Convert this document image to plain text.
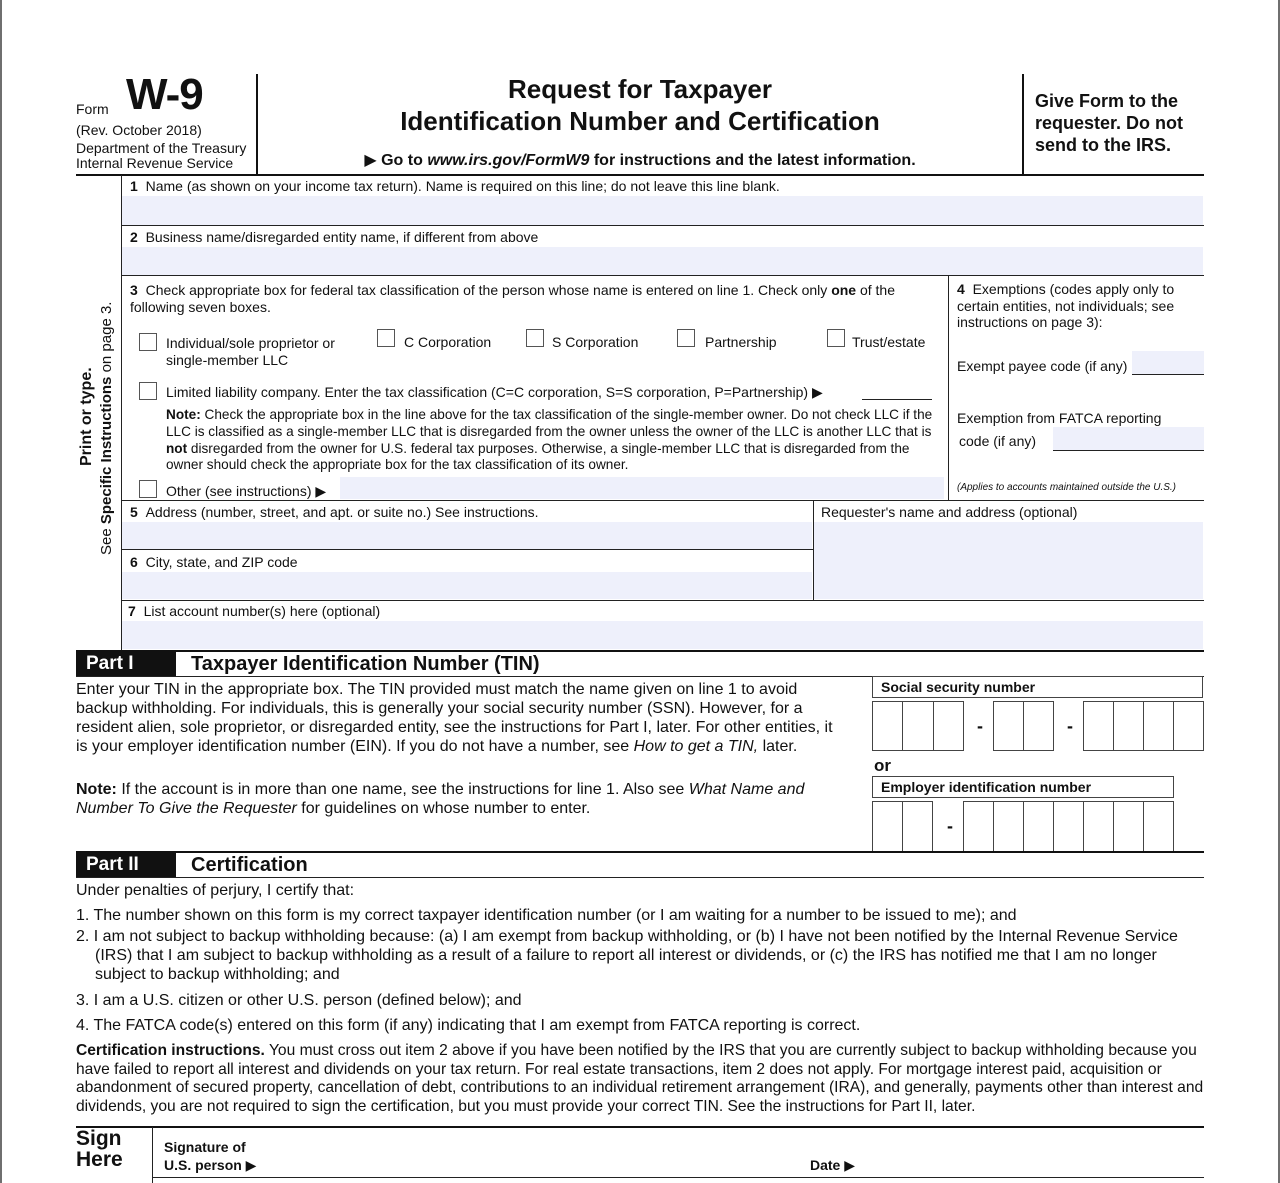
Form W-9
(Rev. October 2018)
Department of the Treasury
Internal Revenue Service
Request for Taxpayer
Identification Number and Certification
▶ Go to www.irs.gov/FormW9 for instructions and the latest information.
Give Form to the requester. Do not send to the IRS.
Print or type.
See Specific Instructions on page 3.
1 Name (as shown on your income tax return). Name is required on this line; do not leave this line blank.
2 Business name/disregarded entity name, if different from above
3 Check appropriate box for federal tax classification of the person whose name is entered on line 1. Check only one of the following seven boxes.
Individual/sole proprietor or single-member LLC
C Corporation	S Corporation	Partnership	Trust/estate
Limited liability company. Enter the tax classification (C=C corporation, S=S corporation, P=Partnership) ▶
Note: Check the appropriate box in the line above for the tax classification of the single-member owner. Do not check LLC if the LLC is classified as a single-member LLC that is disregarded from the owner unless the owner of the LLC is another LLC that is not disregarded from the owner for U.S. federal tax purposes. Otherwise, a single-member LLC that is disregarded from the owner should check the appropriate box for the tax classification of its owner.
Other (see instructions) ▶
4 Exemptions (codes apply only to certain entities, not individuals; see instructions on page 3):
Exempt payee code (if any)
Exemption from FATCA reporting
code (if any)
(Applies to accounts maintained outside the U.S.)
5 Address (number, street, and apt. or suite no.) See instructions.
6 City, state, and ZIP code
Requester's name and address (optional)
7 List account number(s) here (optional)
Part I	Taxpayer Identification Number (TIN)
Enter your TIN in the appropriate box. The TIN provided must match the name given on line 1 to avoid backup withholding. For individuals, this is generally your social security number (SSN). However, for a resident alien, sole proprietor, or disregarded entity, see the instructions for Part I, later. For other entities, it is your employer identification number (EIN). If you do not have a number, see How to get a TIN, later.
Note: If the account is in more than one name, see the instructions for line 1. Also see What Name and Number To Give the Requester for guidelines on whose number to enter.
Social security number
-	-
or
Employer identification number
-
Part II	Certification
Under penalties of perjury, I certify that:
1. The number shown on this form is my correct taxpayer identification number (or I am waiting for a number to be issued to me); and
2. I am not subject to backup withholding because: (a) I am exempt from backup withholding, or (b) I have not been notified by the Internal Revenue Service (IRS) that I am subject to backup withholding as a result of a failure to report all interest or dividends, or (c) the IRS has notified me that I am no longer subject to backup withholding; and
3. I am a U.S. citizen or other U.S. person (defined below); and
4. The FATCA code(s) entered on this form (if any) indicating that I am exempt from FATCA reporting is correct.
Certification instructions. You must cross out item 2 above if you have been notified by the IRS that you are currently subject to backup withholding because you have failed to report all interest and dividends on your tax return. For real estate transactions, item 2 does not apply. For mortgage interest paid, acquisition or abandonment of secured property, cancellation of debt, contributions to an individual retirement arrangement (IRA), and generally, payments other than interest and dividends, you are not required to sign the certification, but you must provide your correct TIN. See the instructions for Part II, later.
Sign
Here
Signature of
U.S. person ▶	Date ▶
